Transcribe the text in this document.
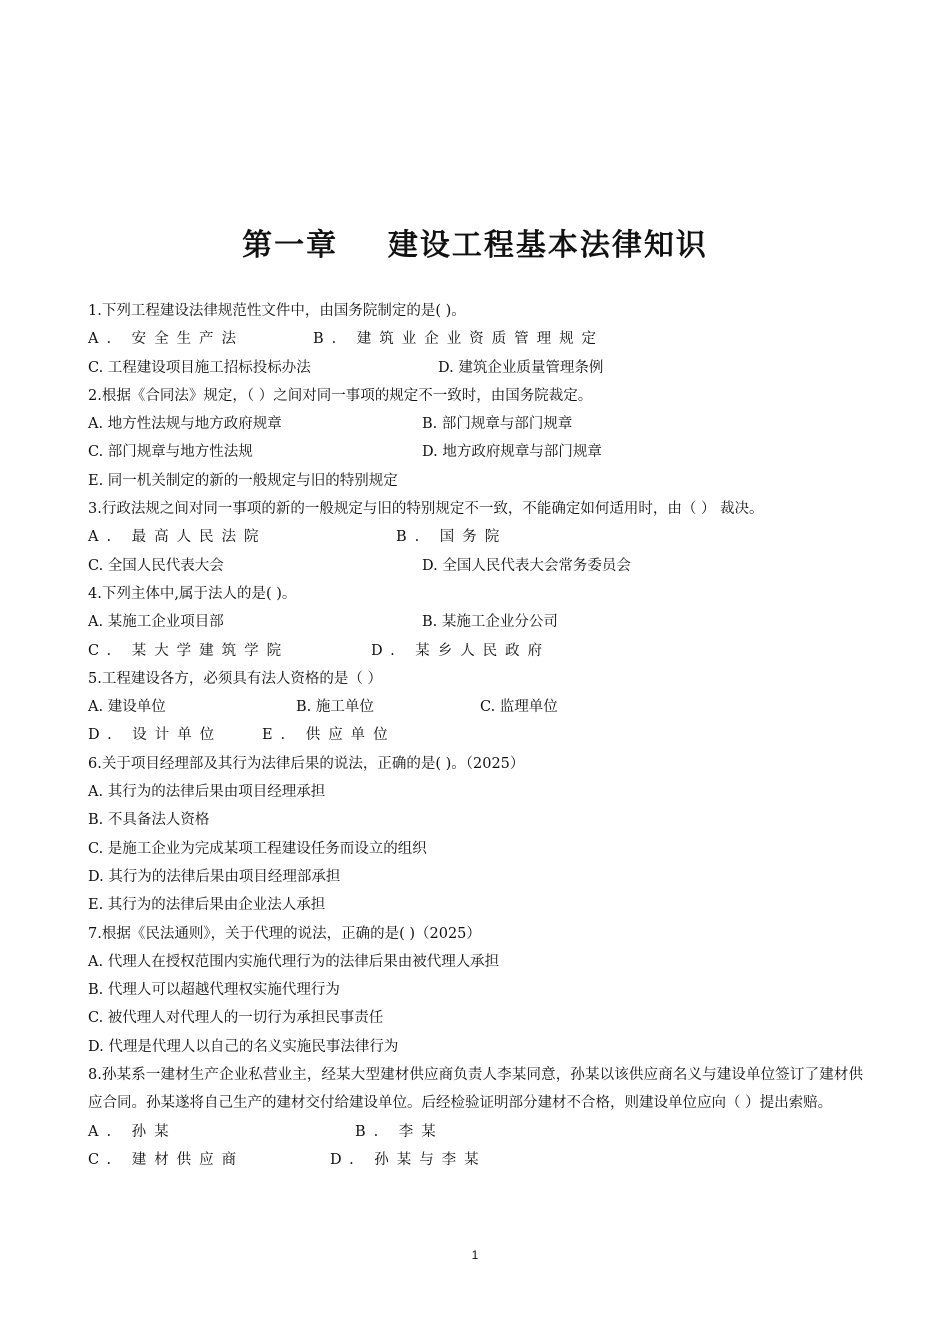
第一章    建设工程基本法律知识
1.下列工程建设法律规范性文件中，由国务院制定的是( )。
A. 安全生产法	B. 建筑业企业资质管理规定
C. 工程建设项目施工招标投标办法	D. 建筑企业质量管理条例
2.根据《合同法》规定，（ ）之间对同一事项的规定不一致时，由国务院裁定。
A. 地方性法规与地方政府规章	B. 部门规章与部门规章
C. 部门规章与地方性法规	D. 地方政府规章与部门规章
E. 同一机关制定的新的一般规定与旧的特别规定
3.行政法规之间对同一事项的新的一般规定与旧的特别规定不一致，不能确定如何适用时，由（ ） 裁决。
A. 最高人民法院	B. 国务院
C. 全国人民代表大会	D. 全国人民代表大会常务委员会
4.下列主体中,属于法人的是( )。
A. 某施工企业项目部	B. 某施工企业分公司
C. 某大学建筑学院	D. 某乡人民政府
5.工程建设各方，必须具有法人资格的是（ ）
A. 建设单位	B. 施工单位	C. 监理单位
D. 设计单位	E. 供应单位
6.关于项目经理部及其行为法律后果的说法，正确的是( )。（2025）
A. 其行为的法律后果由项目经理承担
B. 不具备法人资格
C. 是施工企业为完成某项工程建设任务而设立的组织
D. 其行为的法律后果由项目经理部承担
E. 其行为的法律后果由企业法人承担
7.根据《民法通则》，关于代理的说法，正确的是( )（2025）
A. 代理人在授权范围内实施代理行为的法律后果由被代理人承担
B. 代理人可以超越代理权实施代理行为
C. 被代理人对代理人的一切行为承担民事责任
D. 代理是代理人以自己的名义实施民事法律行为
8.孙某系一建材生产企业私营业主，经某大型建材供应商负责人李某同意，孙某以该供应商名义与建设单位签订了建材供应合同。孙某遂将自己生产的建材交付给建设单位。后经检验证明部分建材不合格，则建设单位应向（ ）提出索赔。
A. 孙某	B. 李某
C. 建材供应商	D. 孙某与李某
1
